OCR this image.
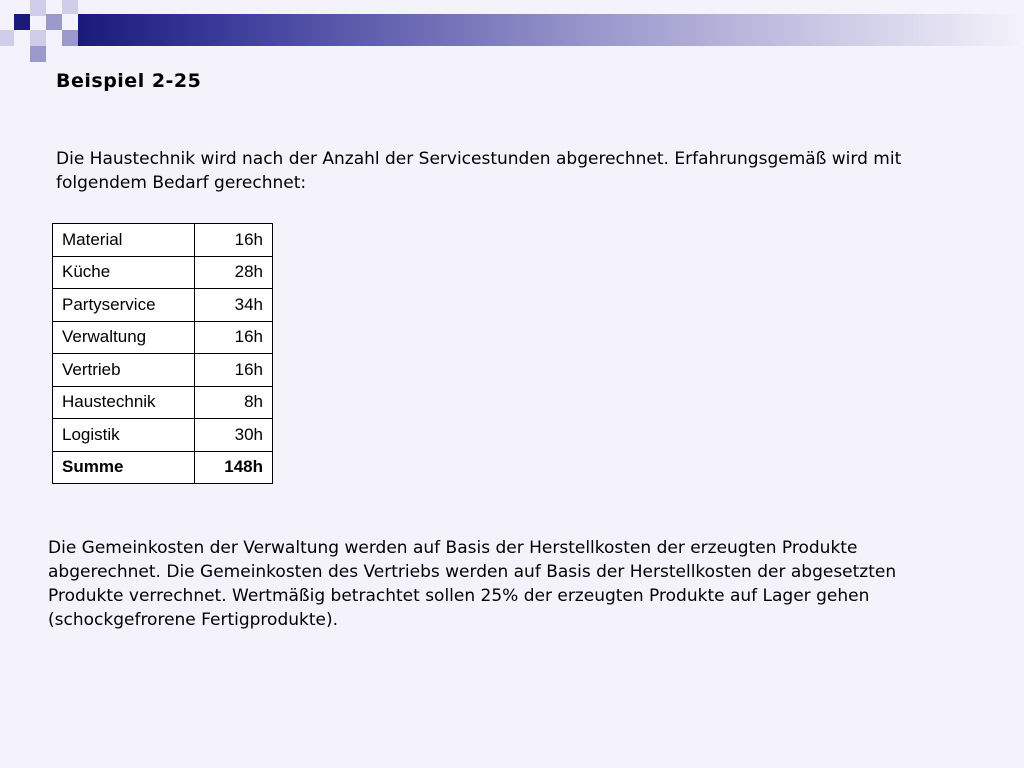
Beispiel 2-25

Die Haustechnik wird nach der Anzahl der Servicestunden abgerechnet. Erfahrungsgemäß wird mit folgendem Bedarf gerechnet:

Material	16h
Küche	28h
Partyservice	34h
Verwaltung	16h
Vertrieb	16h
Haustechnik	8h
Logistik	30h
Summe	148h

Die Gemeinkosten der Verwaltung werden auf Basis der Herstellkosten der erzeugten Produkte abgerechnet. Die Gemeinkosten des Vertriebs werden auf Basis der Herstellkosten der abgesetzten Produkte verrechnet. Wertmäßig betrachtet sollen 25% der erzeugten Produkte auf Lager gehen (schockgefrorene Fertigprodukte).
